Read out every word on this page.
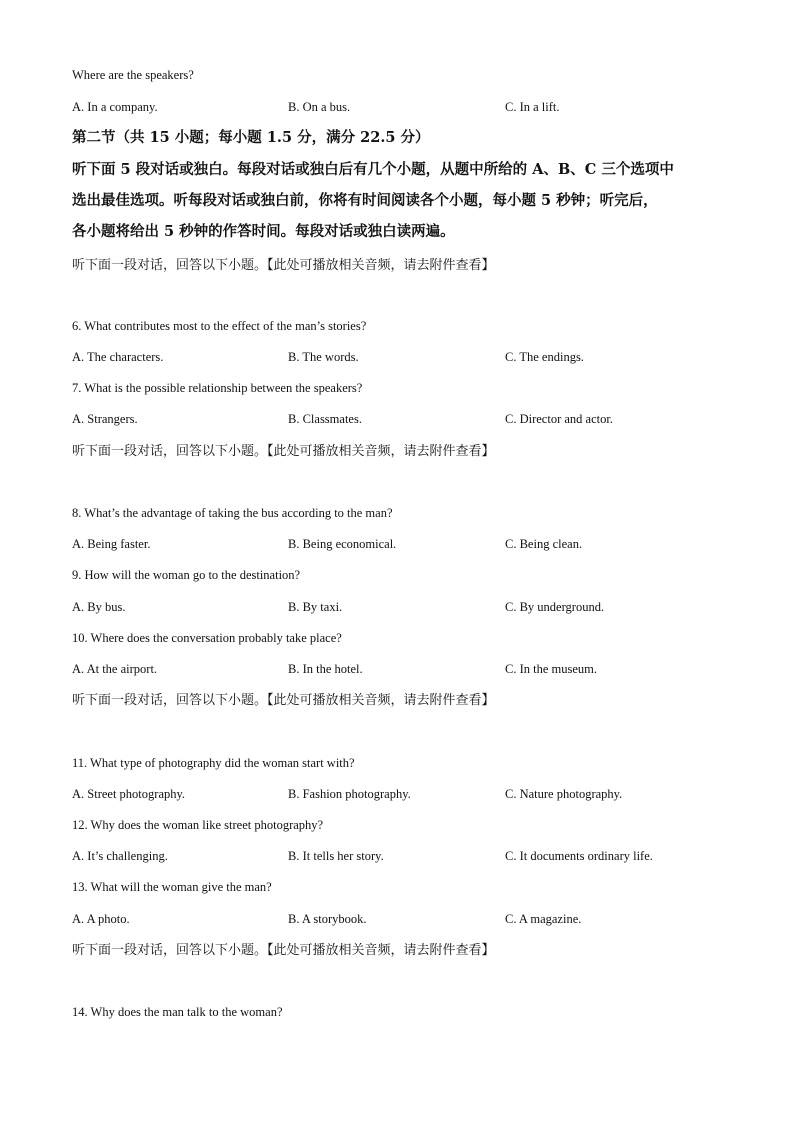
Where are the speakers?
A. In a company.	B. On a bus.	C. In a lift.
第二节（共 15 小题；每小题 1.5 分，满分 22.5 分）
听下面 5 段对话或独白。每段对话或独白后有几个小题，从题中所给的 A、B、C 三个选项中
选出最佳选项。听每段对话或独白前，你将有时间阅读各个小题，每小题 5 秒钟；听完后，
各小题将给出 5 秒钟的作答时间。每段对话或独白读两遍。
听下面一段对话，回答以下小题。【此处可播放相关音频，请去附件查看】
6. What contributes most to the effect of the man’s stories?
A. The characters.	B. The words.	C. The endings.
7. What is the possible relationship between the speakers?
A. Strangers.	B. Classmates.	C. Director and actor.
听下面一段对话，回答以下小题。【此处可播放相关音频，请去附件查看】
8. What’s the advantage of taking the bus according to the man?
A. Being faster.	B. Being economical.	C. Being clean.
9. How will the woman go to the destination?
A. By bus.	B. By taxi.	C. By underground.
10. Where does the conversation probably take place?
A. At the airport.	B. In the hotel.	C. In the museum.
听下面一段对话，回答以下小题。【此处可播放相关音频，请去附件查看】
11. What type of photography did the woman start with?
A. Street photography.	B. Fashion photography.	C. Nature photography.
12. Why does the woman like street photography?
A. It’s challenging.	B. It tells her story.	C. It documents ordinary life.
13. What will the woman give the man?
A. A photo.	B. A storybook.	C. A magazine.
听下面一段对话，回答以下小题。【此处可播放相关音频，请去附件查看】
14. Why does the man talk to the woman?
